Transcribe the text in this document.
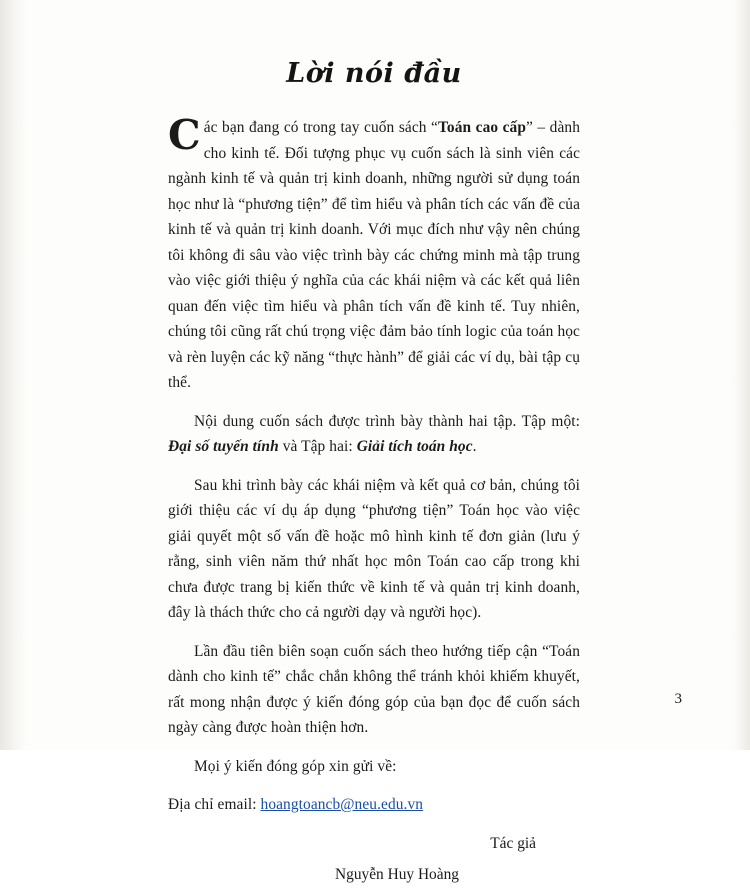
Lời nói đầu

Các bạn đang có trong tay cuốn sách “Toán cao cấp” – dành cho kinh tế. Đối tượng phục vụ cuốn sách là sinh viên các ngành kinh tế và quản trị kinh doanh, những người sử dụng toán học như là “phương tiện” để tìm hiểu và phân tích các vấn đề của kinh tế và quản trị kinh doanh. Với mục đích như vậy nên chúng tôi không đi sâu vào việc trình bày các chứng minh mà tập trung vào việc giới thiệu ý nghĩa của các khái niệm và các kết quả liên quan đến việc tìm hiểu và phân tích vấn đề kinh tế. Tuy nhiên, chúng tôi cũng rất chú trọng việc đảm bảo tính logic của toán học và rèn luyện các kỹ năng “thực hành” để giải các ví dụ, bài tập cụ thể.

Nội dung cuốn sách được trình bày thành hai tập. Tập một: Đại số tuyến tính và Tập hai: Giải tích toán học.

Sau khi trình bày các khái niệm và kết quả cơ bản, chúng tôi giới thiệu các ví dụ áp dụng “phương tiện” Toán học vào việc giải quyết một số vấn đề hoặc mô hình kinh tế đơn giản (lưu ý rằng, sinh viên năm thứ nhất học môn Toán cao cấp trong khi chưa được trang bị kiến thức về kinh tế và quản trị kinh doanh, đây là thách thức cho cả người dạy và người học).

Lần đầu tiên biên soạn cuốn sách theo hướng tiếp cận “Toán dành cho kinh tế” chắc chắn không thể tránh khỏi khiếm khuyết, rất mong nhận được ý kiến đóng góp của bạn đọc để cuốn sách ngày càng được hoàn thiện hơn.

Mọi ý kiến đóng góp xin gửi về:

Địa chỉ email: hoangtoancb@neu.edu.vn

Tác giả
Nguyễn Huy Hoàng
3
